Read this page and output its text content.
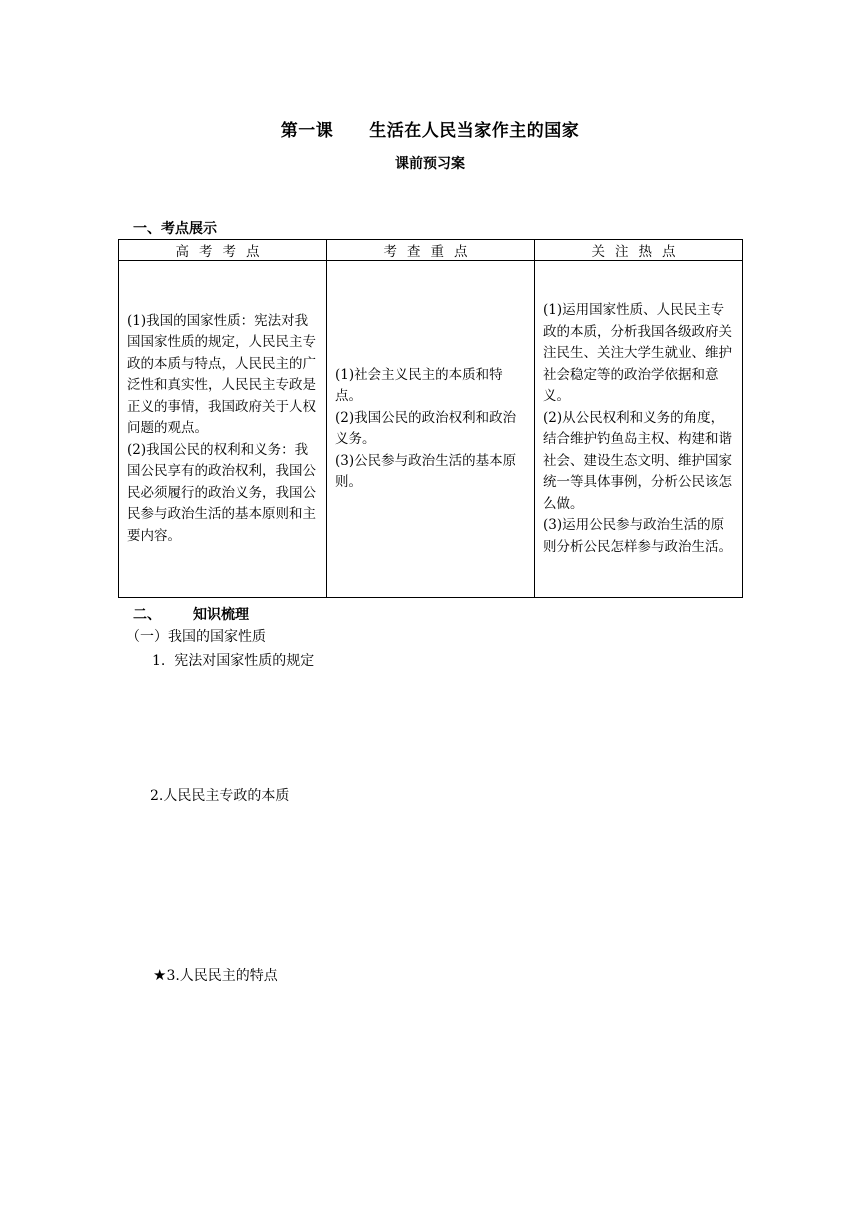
第一课 生活在人民当家作主的国家
课前预习案
一、考点展示
高考考点	考查重点	关注热点

(1)我国的国家性质：宪法对我国国家性质的规定，人民民主专政的本质与特点，人民民主的广泛性和真实性，人民民主专政是正义的事情，我国政府关于人权问题的观点。
(2)我国公民的权利和义务：我国公民享有的政治权利，我国公民必须履行的政治义务，我国公民参与政治生活的基本原则和主要内容。	(1)社会主义民主的本质和特点。
(2)我国公民的政治权利和政治义务。
(3)公民参与政治生活的基本原则。	(1)运用国家性质、人民民主专政的本质，分析我国各级政府关注民生、关注大学生就业、维护社会稳定等的政治学依据和意义。
(2)从公民权利和义务的角度，结合维护钓鱼岛主权、构建和谐社会、建设生态文明、维护国家统一等具体事例，分析公民该怎么做。
(3)运用公民参与政治生活的原则分析公民怎样参与政治生活。
二、 知识梳理
（一）我国的国家性质
1. 宪法对国家性质的规定
2.人民民主专政的本质
★3.人民民主的特点
